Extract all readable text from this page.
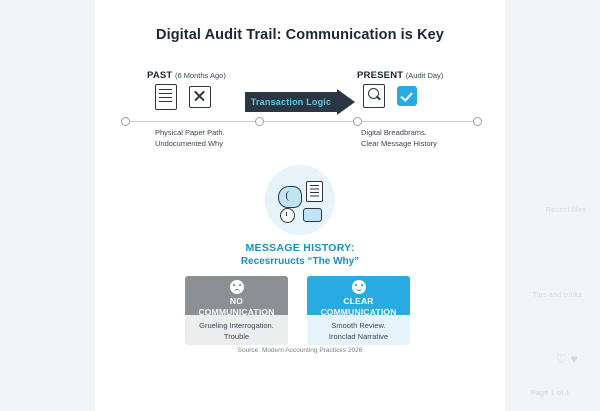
Recent files
Tips and tricks
♡ ♥
Page 1 of 1
Digital Audit Trail: Communication is Key
PAST (6 Months Ago)
	PRESENT (Audit Day)

Transaction Logic
Physical Paper Path.
Undocumented Why
Digital Breadbrams.
Clear Message History
MESSAGE HISTORY:
Recesrruucts “The Why”
NO
COMMUNICATION
Grueling Interrogation.
Trouble
CLEAR
COMMUNICATION
Smooth Review.
Ironclad Narrative
Source: Modern Accounting Practices 2026
